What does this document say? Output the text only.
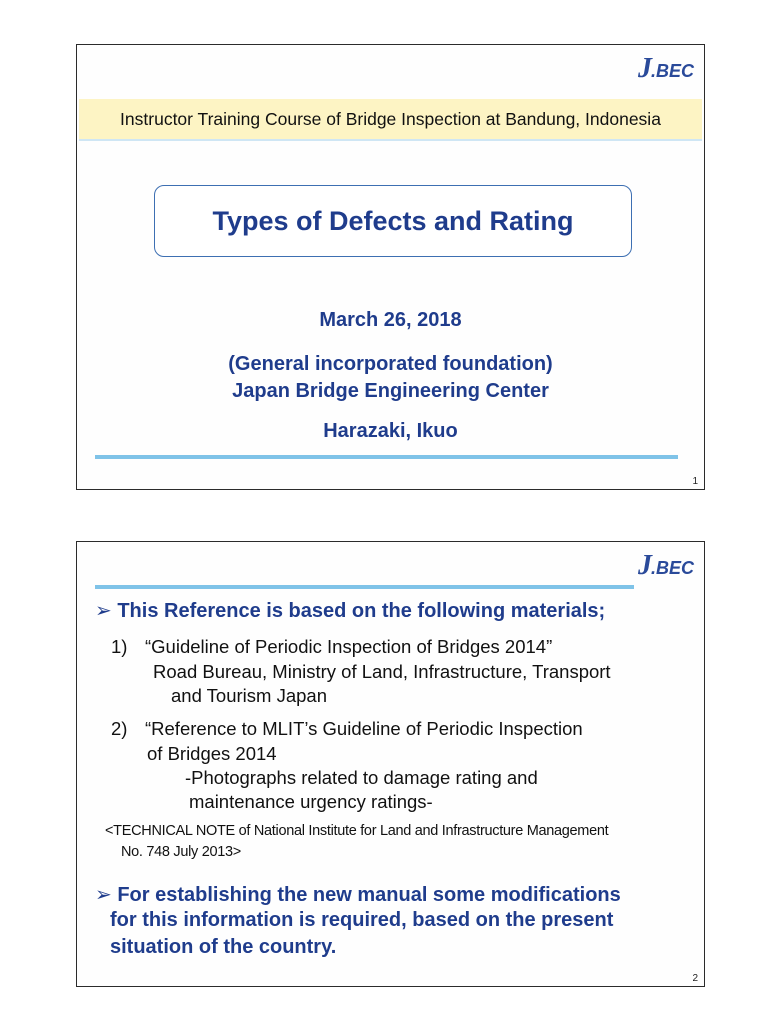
J.BEC
Instructor Training Course of Bridge Inspection at Bandung, Indonesia
Types of Defects and Rating
March 26, 2018
(General incorporated foundation)
Japan Bridge Engineering Center
Harazaki, Ikuo
1
J.BEC
➢ This Reference is based on the following materials;
1) “Guideline of Periodic Inspection of Bridges 2014”
Road Bureau, Ministry of Land, Infrastructure, Transport
and Tourism Japan
2) “Reference to MLIT’s Guideline of Periodic Inspection
of Bridges 2014
-Photographs related to damage rating and
maintenance urgency ratings-
<TECHNICAL NOTE of National Institute for Land and Infrastructure Management
No. 748 July 2013>
➢ For establishing the new manual some modifications
for this information is required, based on the present
situation of the country.
2
